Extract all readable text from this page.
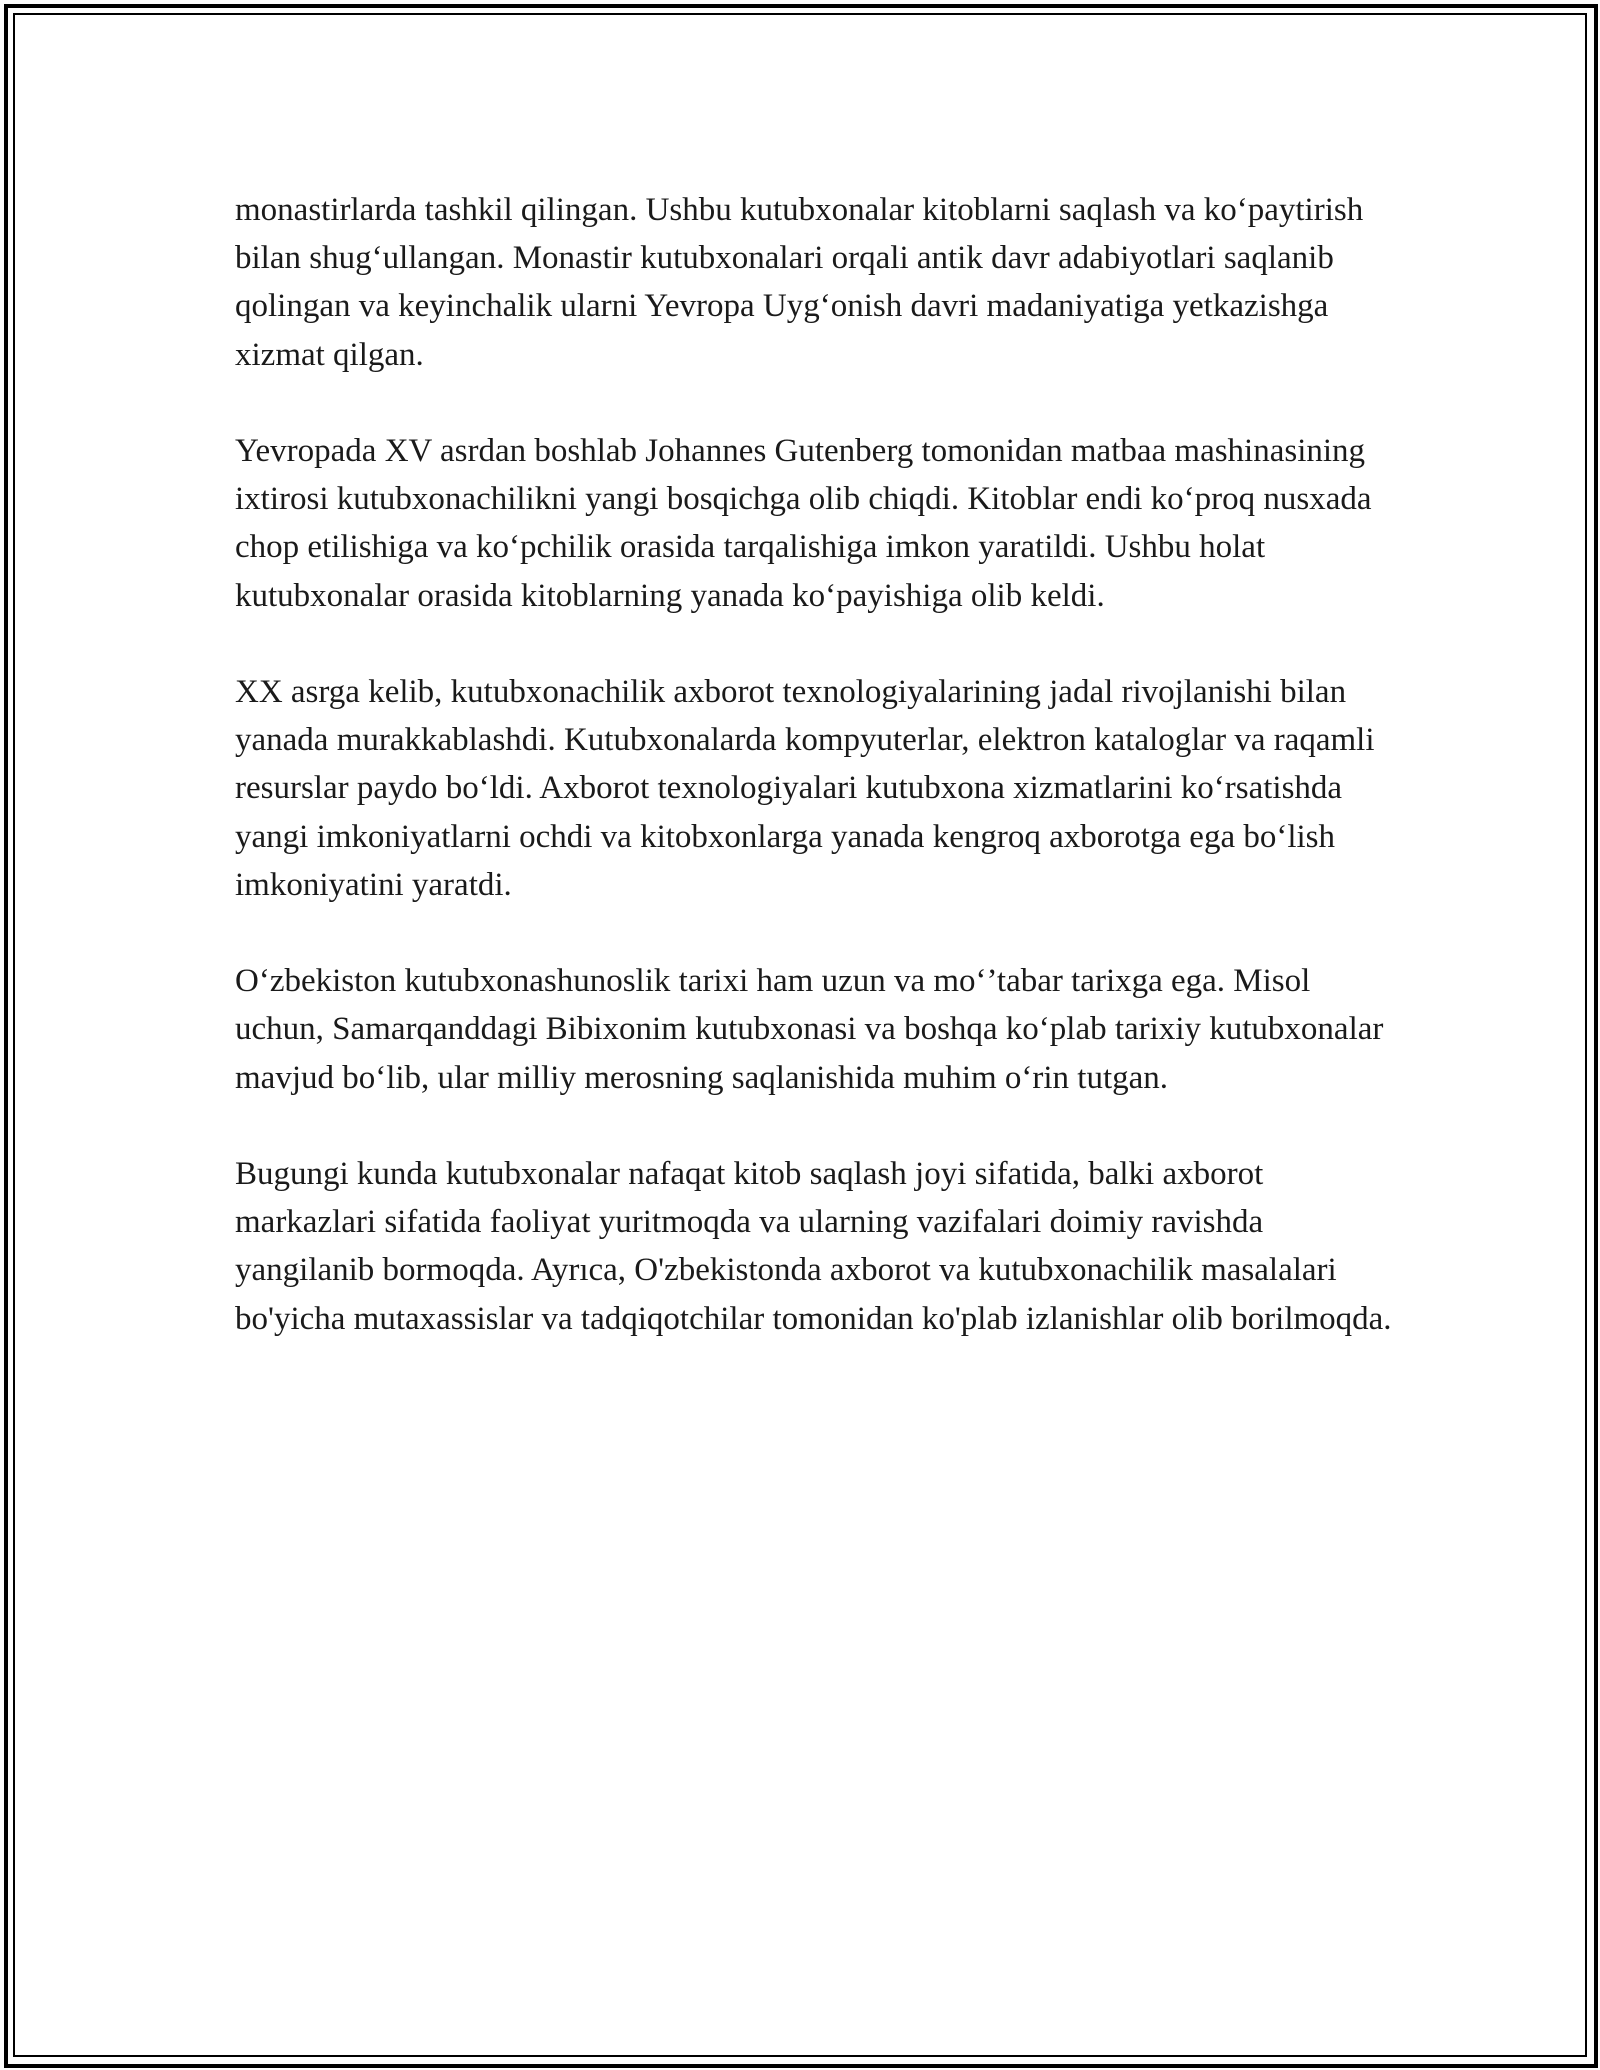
monastirlarda tashkil qilingan. Ushbu kutubxonalar kitoblarni saqlash va ko‘paytirish bilan shug‘ullangan. Monastir kutubxonalari orqali antik davr adabiyotlari saqlanib qolingan va keyinchalik ularni Yevropa Uyg‘onish davri madaniyatiga yetkazishga xizmat qilgan.

Yevropada XV asrdan boshlab Johannes Gutenberg tomonidan matbaa mashinasining ixtirosi kutubxonachilikni yangi bosqichga olib chiqdi. Kitoblar endi ko‘proq nusxada chop etilishiga va ko‘pchilik orasida tarqalishiga imkon yaratildi. Ushbu holat kutubxonalar orasida kitoblarning yanada ko‘payishiga olib keldi.

XX asrga kelib, kutubxonachilik axborot texnologiyalarining jadal rivojlanishi bilan yanada murakkablashdi. Kutubxonalarda kompyuterlar, elektron kataloglar va raqamli resurslar paydo bo‘ldi. Axborot texnologiyalari kutubxona xizmatlarini ko‘rsatishda yangi imkoniyatlarni ochdi va kitobxonlarga yanada kengroq axborotga ega bo‘lish imkoniyatini yaratdi.

O‘zbekiston kutubxonashunoslik tarixi ham uzun va mo‘’tabar tarixga ega. Misol uchun, Samarqanddagi Bibixonim kutubxonasi va boshqa ko‘plab tarixiy kutubxonalar mavjud bo‘lib, ular milliy merosning saqlanishida muhim o‘rin tutgan.

Bugungi kunda kutubxonalar nafaqat kitob saqlash joyi sifatida, balki axborot markazlari sifatida faoliyat yuritmoqda va ularning vazifalari doimiy ravishda yangilanib bormoqda. Ayrıca, O'zbekistonda axborot va kutubxonachilik masalalari bo'yicha mutaxassislar va tadqiqotchilar tomonidan ko'plab izlanishlar olib borilmoqda.
